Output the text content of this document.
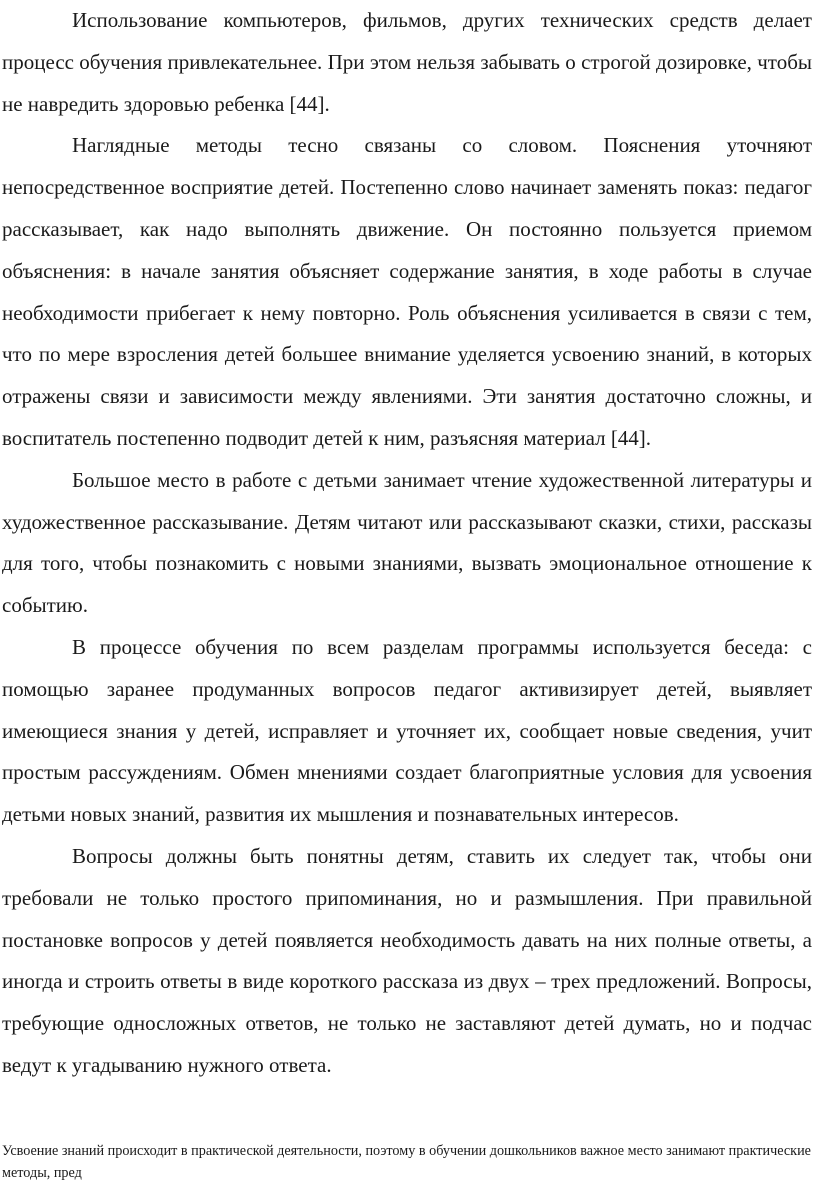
Использование компьютеров, фильмов, других технических средств делает процесс обучения привлекательнее. При этом нельзя забывать о строгой дозировке, чтобы не навредить здоровью ребенка [44].

Наглядные методы тесно связаны со словом. Пояснения уточняют непосредственное восприятие детей. Постепенно слово начинает заменять показ: педагог рассказывает, как надо выполнять движение. Он постоянно пользуется приемом объяснения: в начале занятия объясняет содержание занятия, в ходе работы в случае необходимости прибегает к нему повторно. Роль объяснения усиливается в связи с тем, что по мере взросления детей большее внимание уделяется усвоению знаний, в которых отражены связи и зависимости между явлениями. Эти занятия достаточно сложны, и воспитатель постепенно подводит детей к ним, разъясняя материал [44].

Большое место в работе с детьми занимает чтение художественной литературы и художественное рассказывание. Детям читают или рассказывают сказки, стихи, рассказы для того, чтобы познакомить с новыми знаниями, вызвать эмоциональное отношение к событию.

В процессе обучения по всем разделам программы используется беседа: с помощью заранее продуманных вопросов педагог активизирует детей, выявляет имеющиеся знания у детей, исправляет и уточняет их, сообщает новые сведения, учит простым рассуждениям. Обмен мнениями создает благоприятные условия для усвоения детьми новых знаний, развития их мышления и познавательных интересов.

Вопросы должны быть понятны детям, ставить их следует так, чтобы они требовали не только простого припоминания, но и размышления. При правильной постановке вопросов у детей появляется необходимость давать на них полные ответы, а иногда и строить ответы в виде короткого рассказа из двух – трех предложений. Вопросы, требующие односложных ответов, не только не заставляют детей думать, но и подчас ведут к угадыванию нужного ответа.

Усвоение знаний происходит в практической деятельности, поэтому в обучении дошкольников важное место занимают практические методы, пред
